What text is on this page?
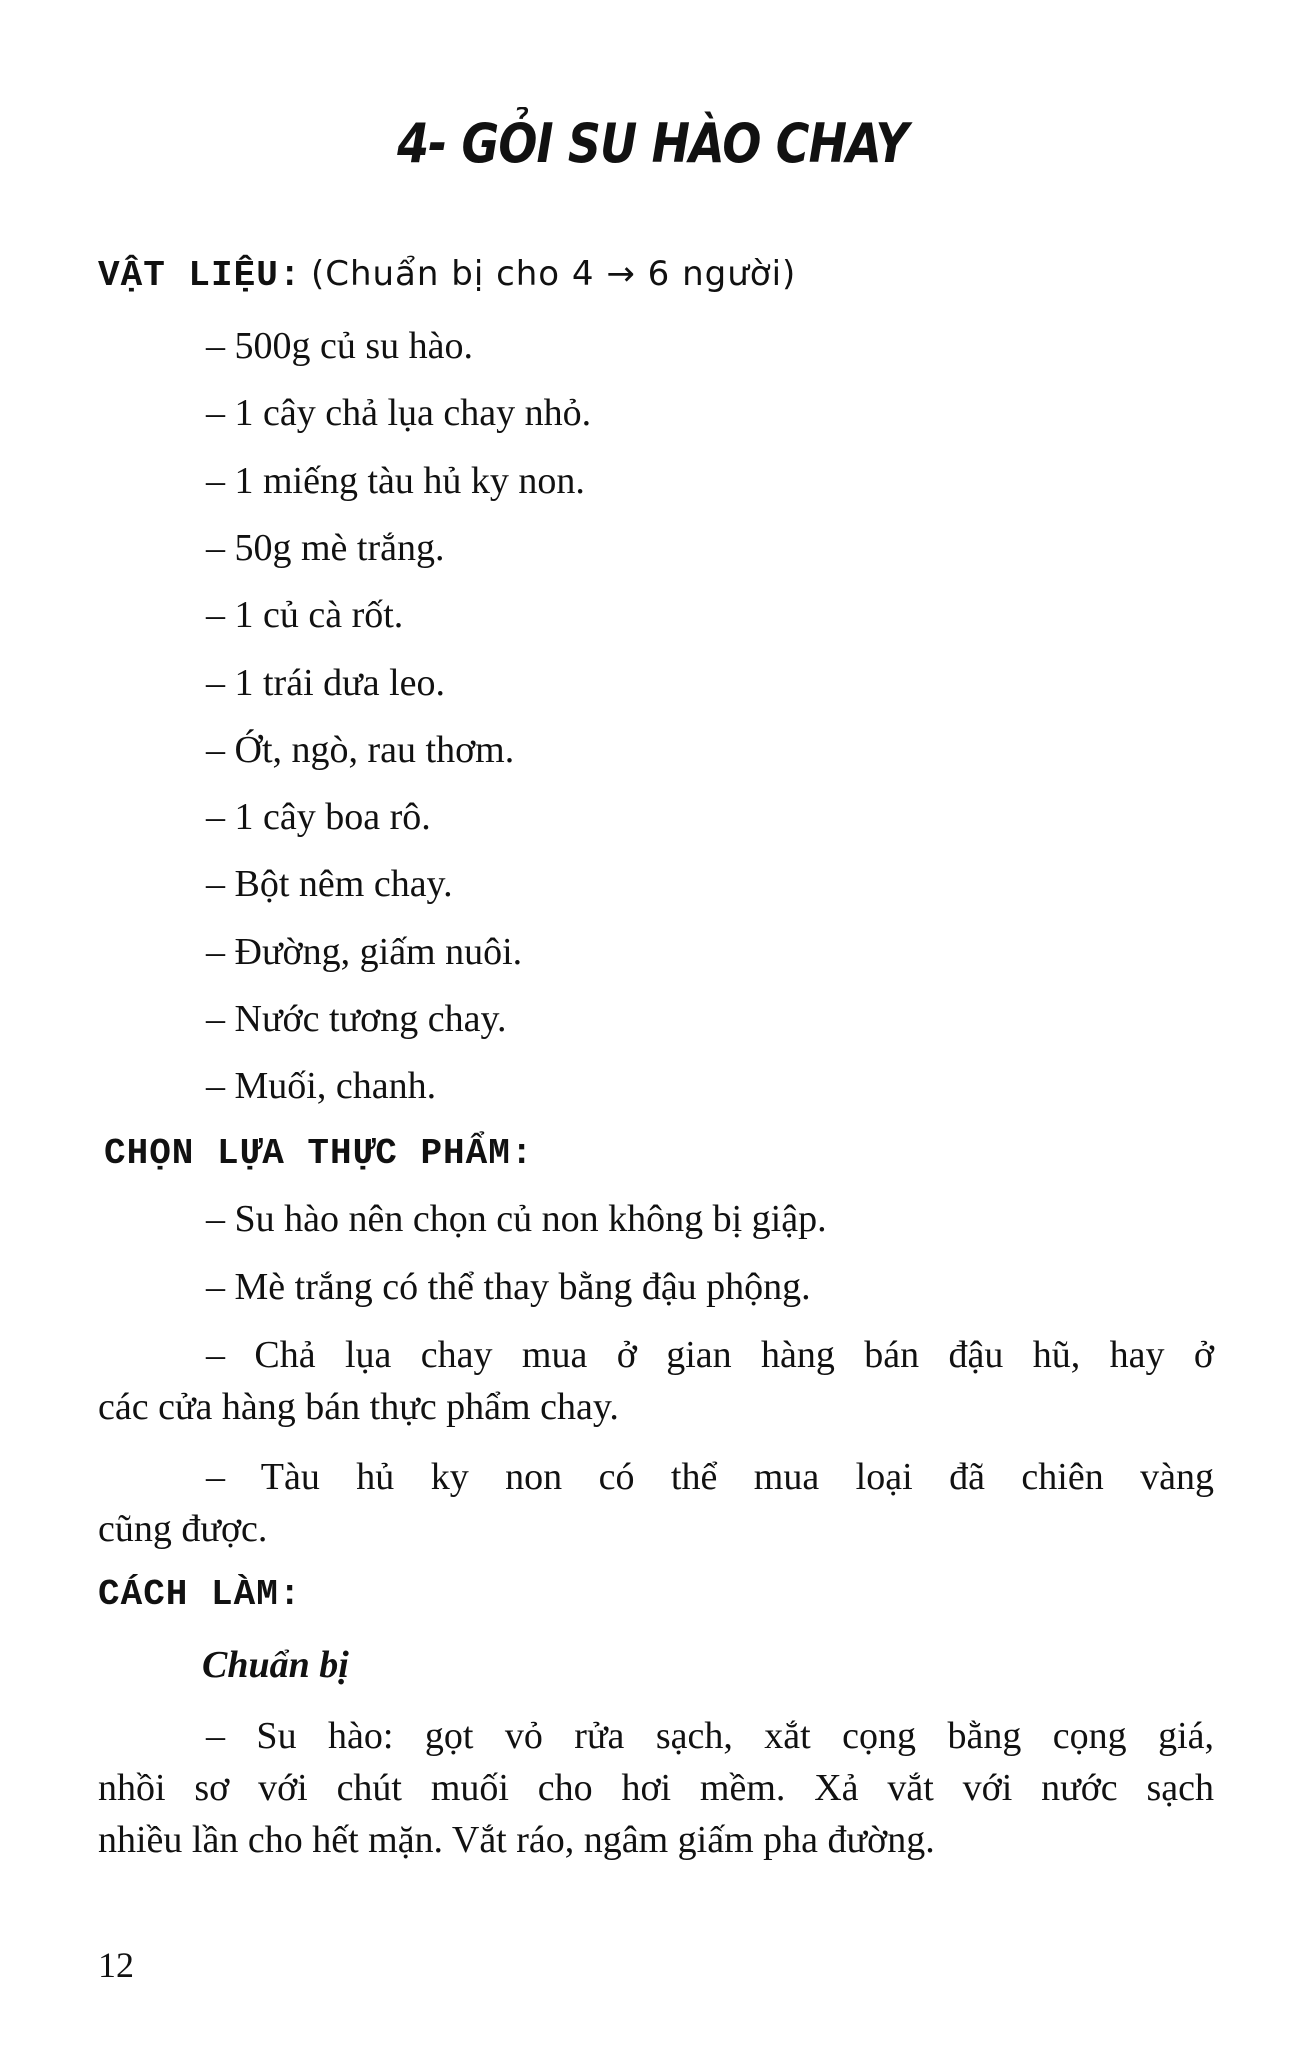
4- GỎI SU HÀO CHAY
VẬT LIỆU: (Chuẩn bị cho 4 → 6 người)
– 500g củ su hào.
– 1 cây chả lụa chay nhỏ.
– 1 miếng tàu hủ ky non.
– 50g mè trắng.
– 1 củ cà rốt.
– 1 trái dưa leo.
– Ớt, ngò, rau thơm.
– 1 cây boa rô.
– Bột nêm chay.
– Đường, giấm nuôi.
– Nước tương chay.
– Muối, chanh.
CHỌN LỰA THỰC PHẨM:
– Su hào nên chọn củ non không bị giập.
– Mè trắng có thể thay bằng đậu phộng.
– Chả lụa chay mua ở gian hàng bán đậu hũ, hay ở
các cửa hàng bán thực phẩm chay.
– Tàu hủ ky non có thể mua loại đã chiên vàng
cũng được.
CÁCH LÀM:
Chuẩn bị
– Su hào: gọt vỏ rửa sạch, xắt cọng bằng cọng giá,
nhồi sơ với chút muối cho hơi mềm. Xả vắt với nước sạch
nhiều lần cho hết mặn. Vắt ráo, ngâm giấm pha đường.
12
